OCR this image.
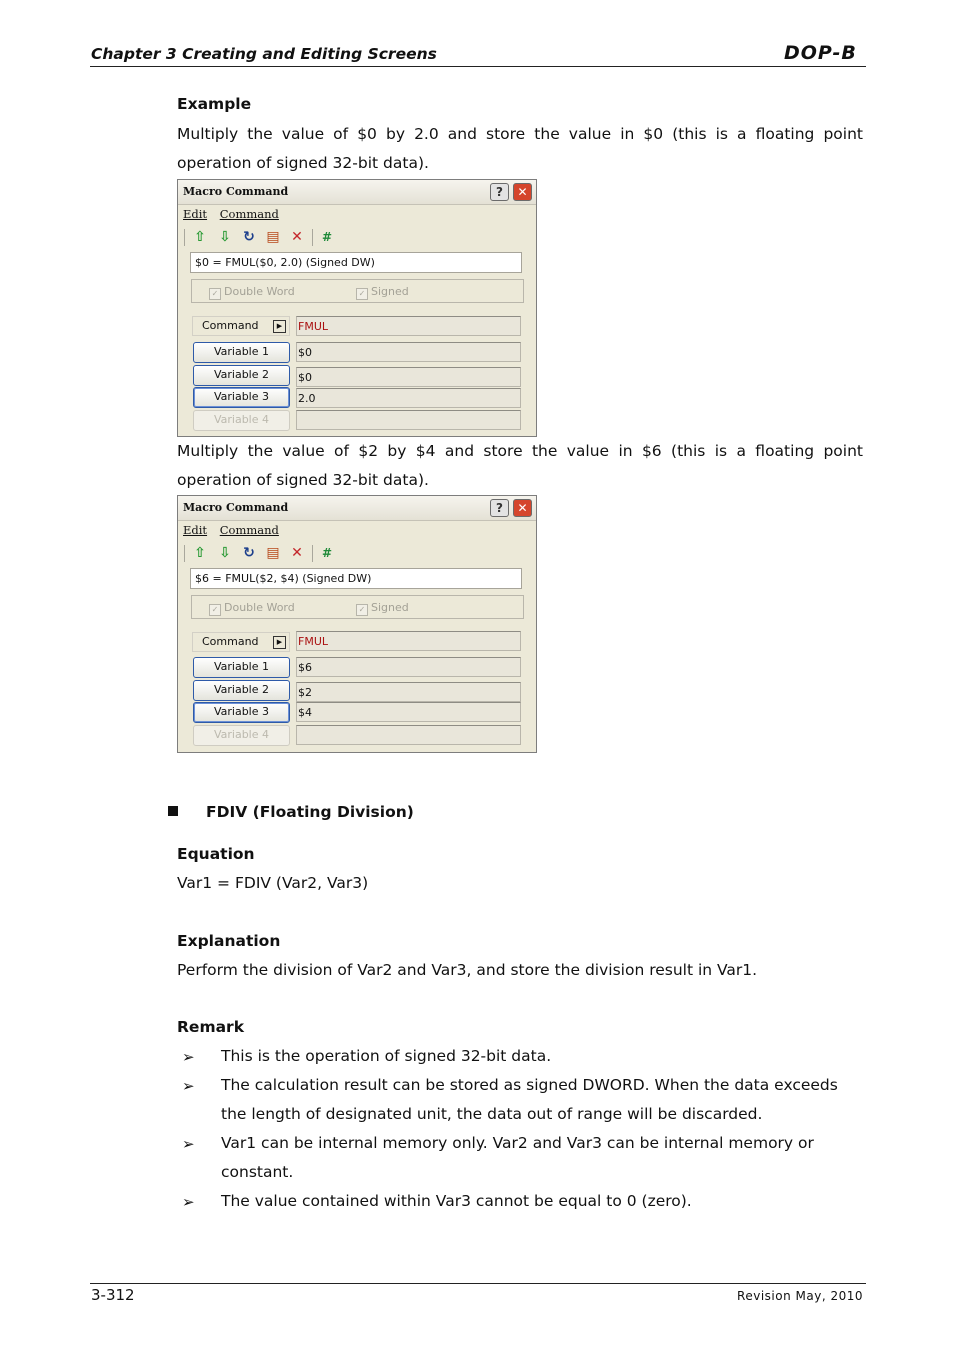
Chapter 3 Creating and Editing Screens	DOP-B
Example
Multiply the value of $0 by 2.0 and store the value in $0 (this is a floating point operation of signed 32-bit data).
Macro Command	?	✕
Edit Command
⇧ ⇩ ↻ ▤ ✕	#
$0 = FMUL($0, 2.0) (Signed DW)
✓ Double Word	✓ Signed
Command	▶	FMUL
Variable 1	$0
Variable 2	$0
Variable 3	2.0
Variable 4
Multiply the value of $2 by $4 and store the value in $6 (this is a floating point operation of signed 32-bit data).
Macro Command	?	✕
Edit Command
⇧ ⇩ ↻ ▤ ✕	#
$6 = FMUL($2, $4) (Signed DW)
✓ Double Word	✓ Signed
Command	▶	FMUL
Variable 1	$6
Variable 2	$2
Variable 3	$4
Variable 4
FDIV (Floating Division)
Equation
Var1 = FDIV (Var2, Var3)
Explanation
Perform the division of Var2 and Var3, and store the division result in Var1.
Remark
➢ This is the operation of signed 32-bit data.
➢ The calculation result can be stored as signed DWORD. When the data exceeds the length of designated unit, the data out of range will be discarded.
➢ Var1 can be internal memory only. Var2 and Var3 can be internal memory or constant.
➢ The value contained within Var3 cannot be equal to 0 (zero).
3-312	Revision May, 2010
